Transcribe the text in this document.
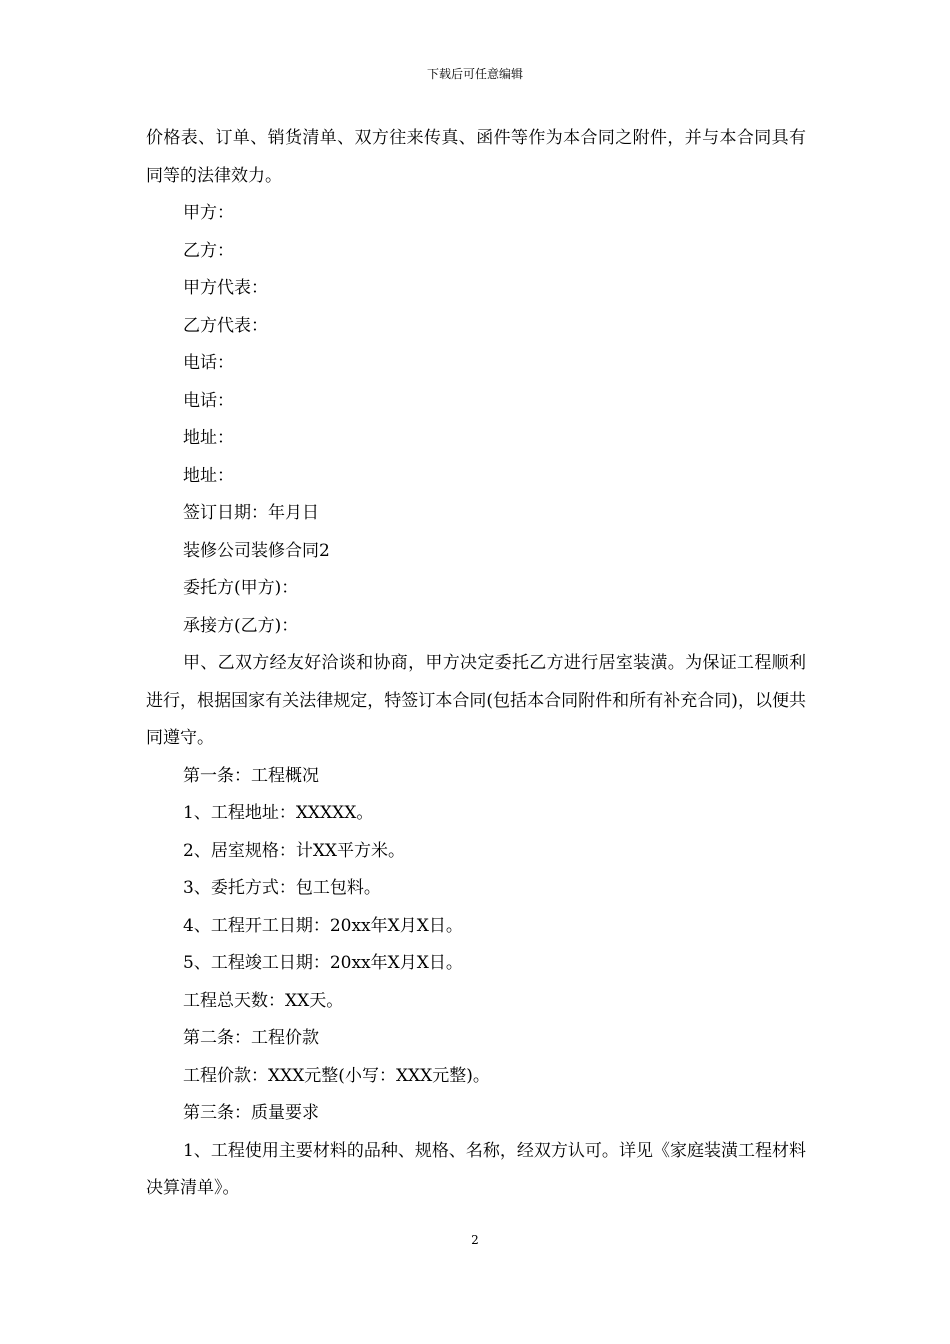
下载后可任意编辑

价格表、订单、销货清单、双方往来传真、函件等作为本合同之附件，并与本合同具有同等的法律效力。

甲方：

乙方：

甲方代表：

乙方代表：

电话：

电话：

地址：

地址：

签订日期：年月日

装修公司装修合同2

委托方(甲方)：

承接方(乙方)：

甲、乙双方经友好洽谈和协商，甲方决定委托乙方进行居室装潢。为保证工程顺利进行，根据国家有关法律规定，特签订本合同(包括本合同附件和所有补充合同)，以便共同遵守。

第一条：工程概况

1、工程地址：XXXXX。

2、居室规格：计XX平方米。

3、委托方式：包工包料。

4、工程开工日期：20xx年X月X日。

5、工程竣工日期：20xx年X月X日。

工程总天数：XX天。

第二条：工程价款

工程价款：XXX元整(小写：XXX元整)。

第三条：质量要求

1、工程使用主要材料的品种、规格、名称，经双方认可。详见《家庭装潢工程材料决算清单》。

2
